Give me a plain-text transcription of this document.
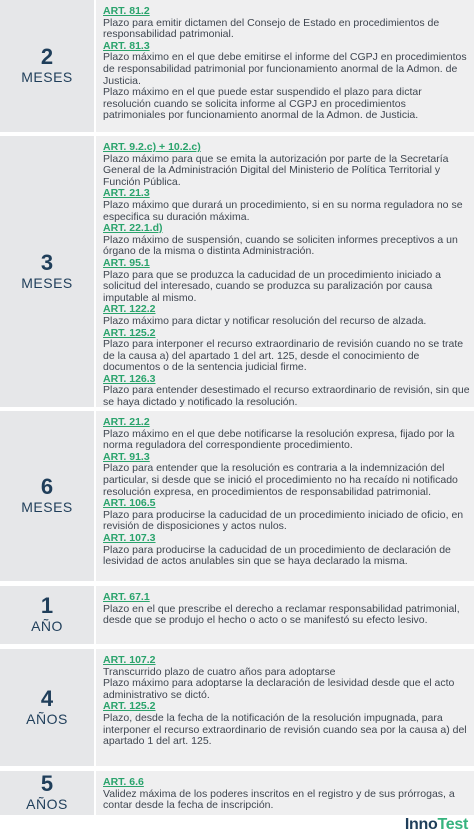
2
MESES
ART. 81.2
Plazo para emitir dictamen del Consejo de Estado en procedimientos de responsabilidad patrimonial.
ART. 81.3
Plazo máximo en el que debe emitirse el informe del CGPJ en procedimientos de responsabilidad patrimonial por funcionamiento anormal de la Admon. de Justicia.
Plazo máximo en el que puede estar suspendido el plazo para dictar resolución cuando se solicita informe al CGPJ en procedimientos patrimoniales por funcionamiento anormal de la Admon. de Justicia.
3
MESES
ART. 9.2.c) + 10.2.c)
Plazo máximo para que se emita la autorización por parte de la Secretaría General de la Administración Digital del Ministerio de Política Territorial y Función Pública.
ART. 21.3
Plazo máximo que durará un procedimiento, si en su norma reguladora no se especifica su duración máxima.
ART. 22.1.d)
Plazo máximo de suspensión, cuando se soliciten informes preceptivos a un órgano de la misma o distinta Administración.
ART. 95.1
Plazo para que se produzca la caducidad de un procedimiento iniciado a solicitud del interesado, cuando se produzca su paralización por causa imputable al mismo.
ART. 122.2
Plazo máximo para dictar y notificar resolución del recurso de alzada.
ART. 125.2
Plazo para interponer el recurso extraordinario de revisión cuando no se trate de la causa a) del apartado 1 del art. 125, desde el conocimiento de documentos o de la sentencia judicial firme.
ART. 126.3
Plazo para entender desestimado el recurso extraordinario de revisión, sin que se haya dictado y notificado la resolución.
6
MESES
ART. 21.2
Plazo máximo en el que debe notificarse la resolución expresa, fijado por la norma reguladora del correspondiente procedimiento.
ART. 91.3
Plazo para entender que la resolución es contraria a la indemnización del particular, si desde que se inició el procedimiento no ha recaído ni notificado resolución expresa, en procedimientos de responsabilidad patrimonial.
ART. 106.5
Plazo para producirse la caducidad de un procedimiento iniciado de oficio, en revisión de disposiciones y actos nulos.
ART. 107.3
Plazo para producirse la caducidad de un procedimiento de declaración de lesividad de actos anulables sin que se haya declarado la misma.
1
AÑO
ART. 67.1
Plazo en el que prescribe el derecho a reclamar responsabilidad patrimonial, desde que se produjo el hecho o acto o se manifestó su efecto lesivo.
4
AÑOS
ART. 107.2
Transcurrido plazo de cuatro años para adoptarse
Plazo máximo para adoptarse la declaración de lesividad desde que el acto administrativo se dictó.
ART. 125.2
Plazo, desde la fecha de la notificación de la resolución impugnada, para interponer el recurso extraordinario de revisión cuando sea por la causa a) del apartado 1 del art. 125.
5
AÑOS
ART. 6.6
Validez máxima de los poderes inscritos en el registro y de sus prórrogas, a contar desde la fecha de inscripción.
Inno Test
